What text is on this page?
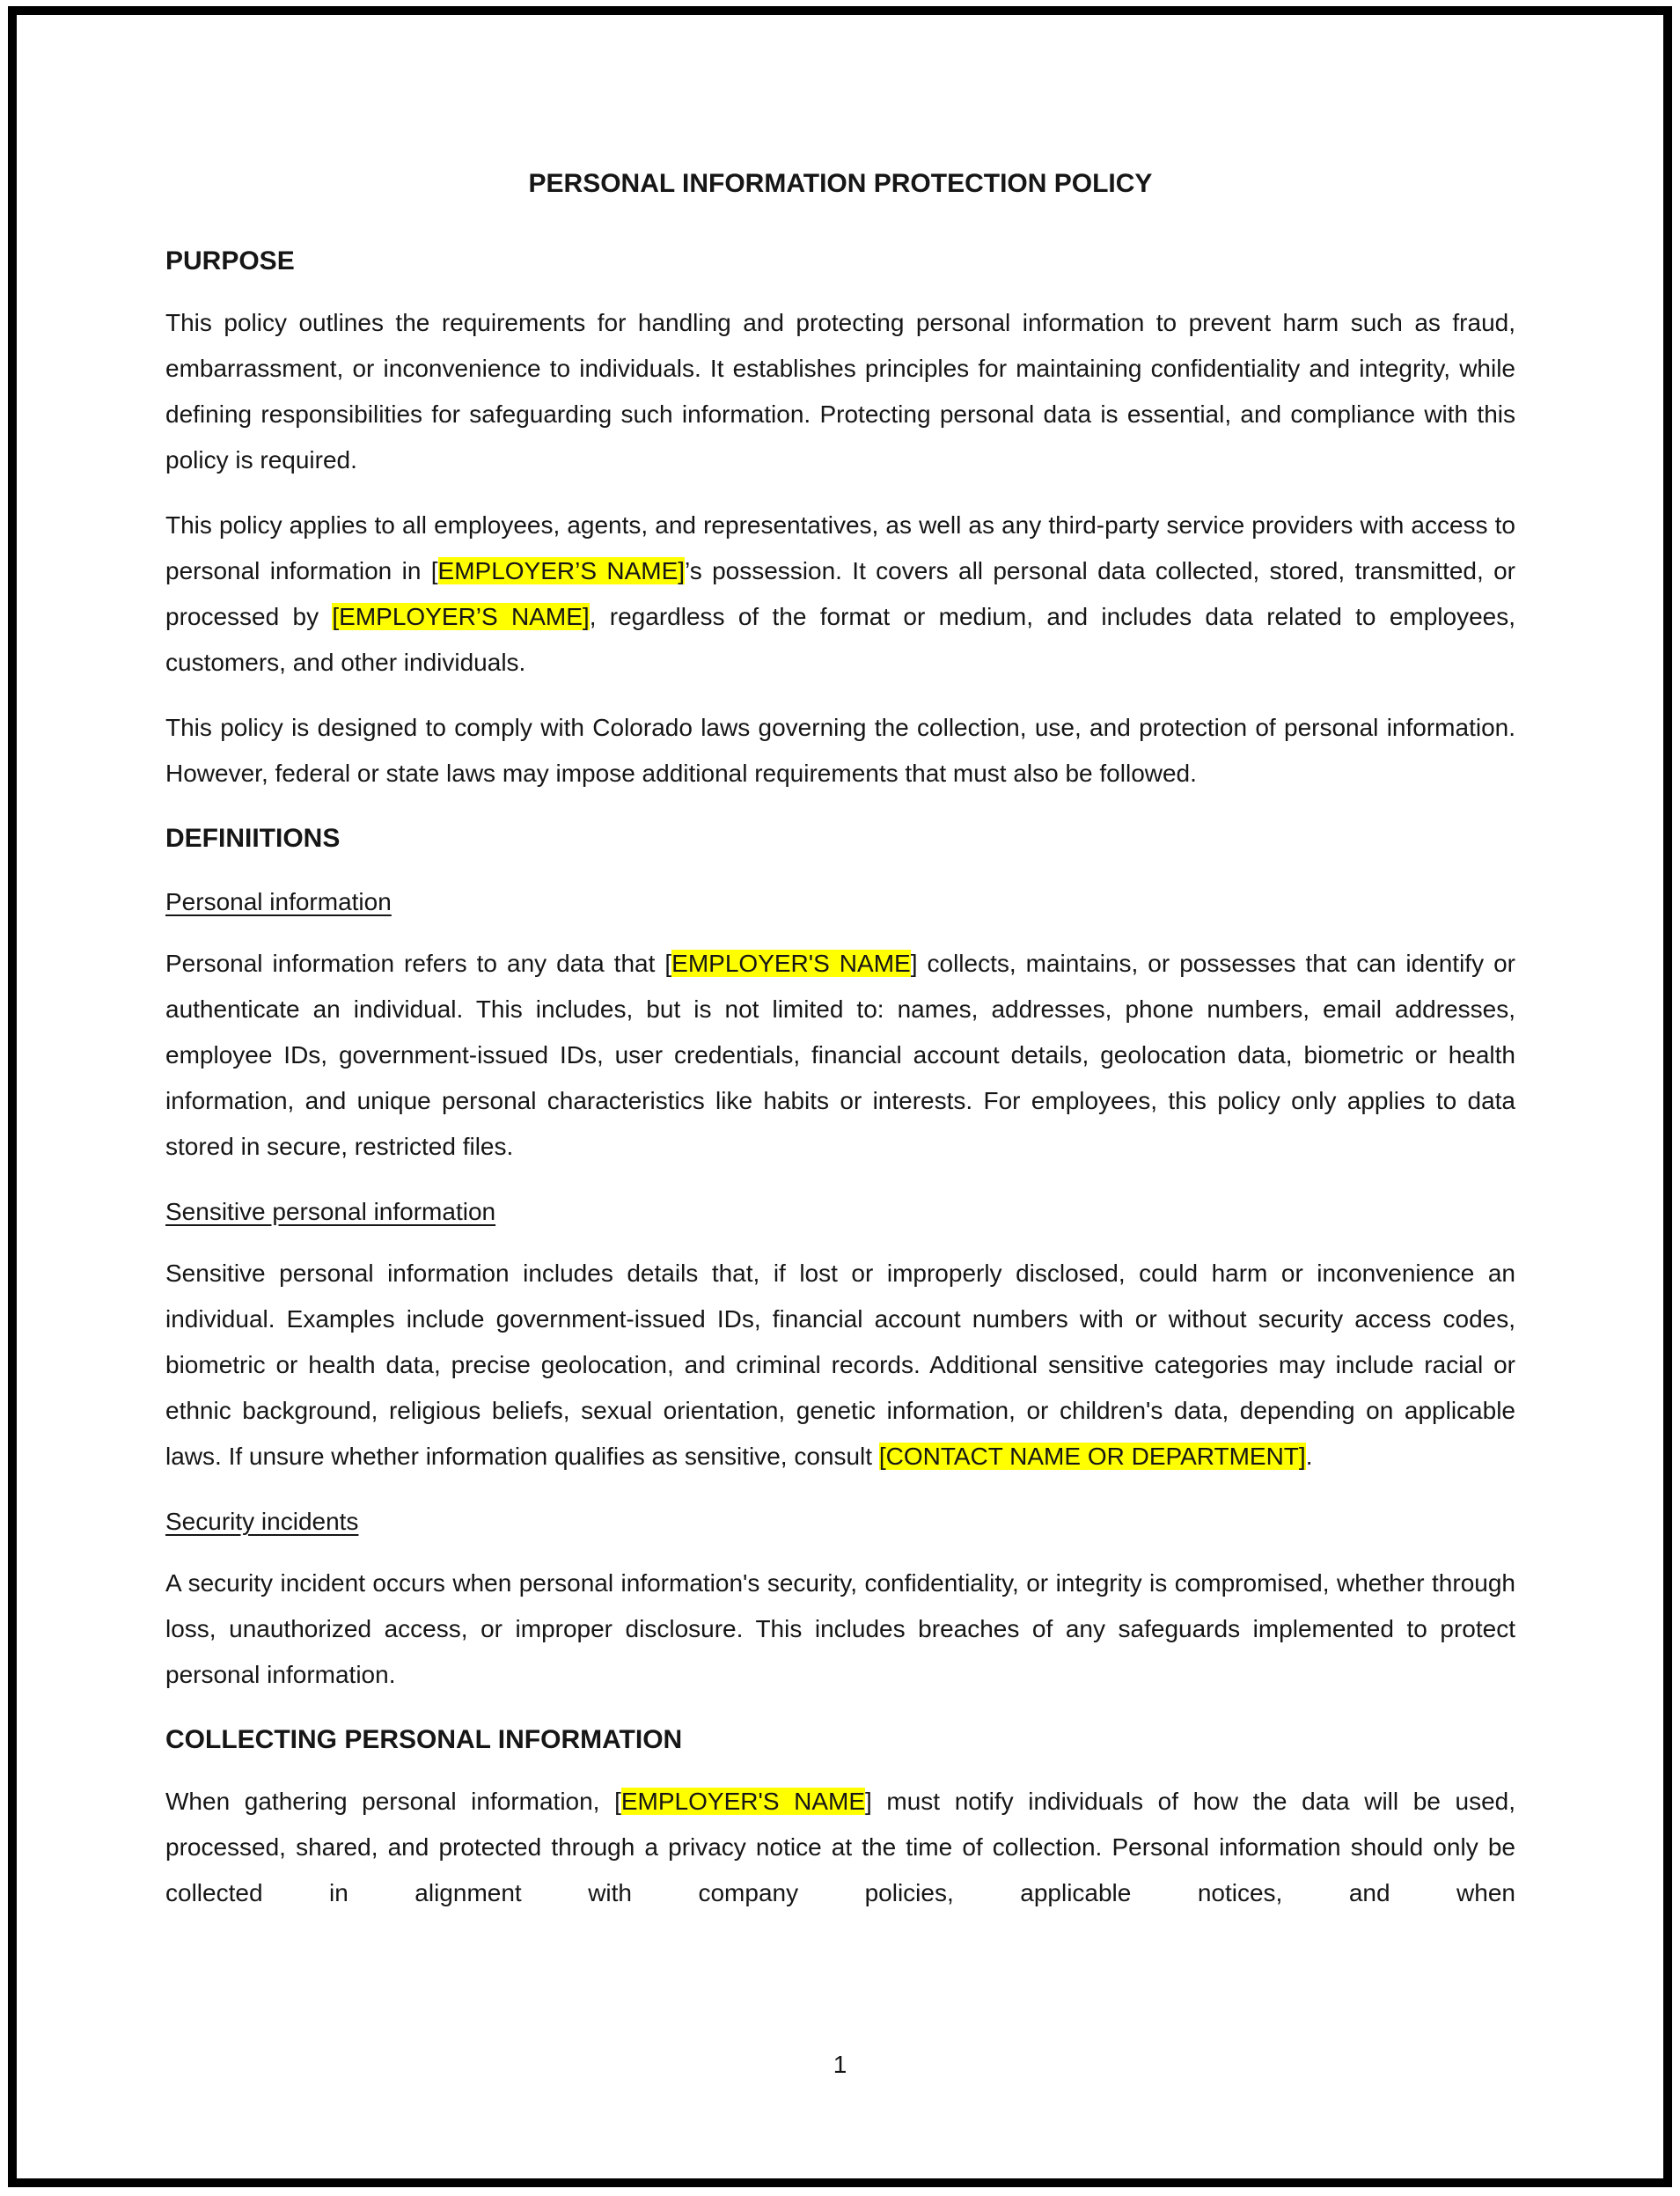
PERSONAL INFORMATION PROTECTION POLICY
PURPOSE

This policy outlines the requirements for handling and protecting personal information to prevent harm such as fraud, embarrassment, or inconvenience to individuals. It establishes principles for maintaining confidentiality and integrity, while defining responsibilities for safeguarding such information. Protecting personal data is essential, and compliance with this policy is required.

This policy applies to all employees, agents, and representatives, as well as any third-party service providers with access to personal information in [EMPLOYER’S NAME]’s possession. It covers all personal data collected, stored, transmitted, or processed by [EMPLOYER’S NAME], regardless of the format or medium, and includes data related to employees, customers, and other individuals.

This policy is designed to comply with Colorado laws governing the collection, use, and protection of personal information. However, federal or state laws may impose additional requirements that must also be followed.

DEFINIITIONS
Personal information

Personal information refers to any data that [EMPLOYER'S NAME] collects, maintains, or possesses that can identify or authenticate an individual. This includes, but is not limited to: names, addresses, phone numbers, email addresses, employee IDs, government-issued IDs, user credentials, financial account details, geolocation data, biometric or health information, and unique personal characteristics like habits or interests. For employees, this policy only applies to data stored in secure, restricted files.

Sensitive personal information

Sensitive personal information includes details that, if lost or improperly disclosed, could harm or inconvenience an individual. Examples include government-issued IDs, financial account numbers with or without security access codes, biometric or health data, precise geolocation, and criminal records. Additional sensitive categories may include racial or ethnic background, religious beliefs, sexual orientation, genetic information, or children's data, depending on applicable laws. If unsure whether information qualifies as sensitive, consult [CONTACT NAME OR DEPARTMENT].

Security incidents

A security incident occurs when personal information's security, confidentiality, or integrity is compromised, whether through loss, unauthorized access, or improper disclosure. This includes breaches of any safeguards implemented to protect personal information.

COLLECTING PERSONAL INFORMATION

When gathering personal information, [EMPLOYER'S NAME] must notify individuals of how the data will be used, processed, shared, and protected through a privacy notice at the time of collection. Personal information should only be collected in alignment with company policies, applicable notices, and when

1
